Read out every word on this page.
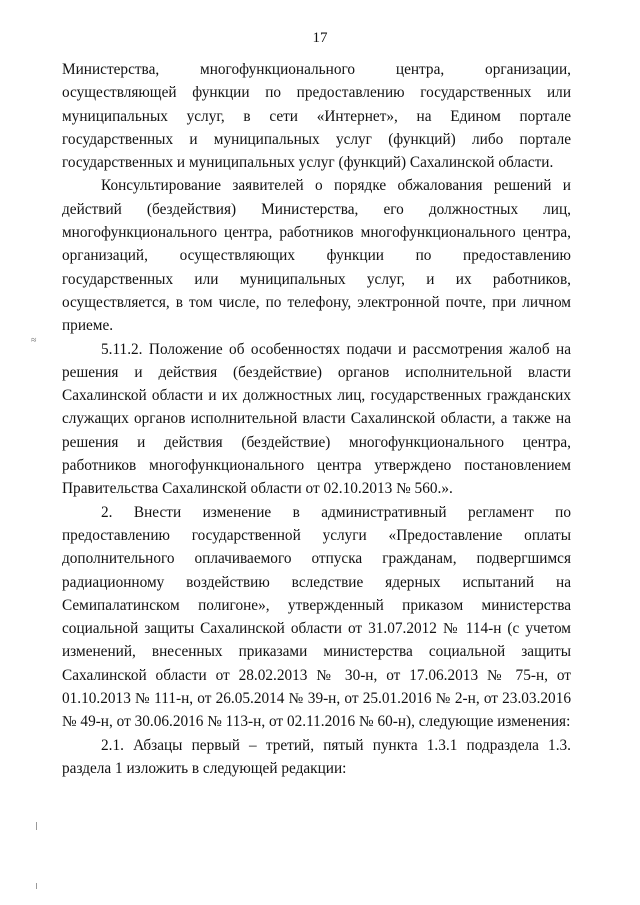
17
≈

Министерства, многофункционального центра, организации, осуществляющей функции по предоставлению государственных или муниципальных услуг, в сети «Интернет», на Едином портале государственных и муниципальных услуг (функций) либо портале государственных и муниципальных услуг (функций) Сахалинской области.

Консультирование заявителей о порядке обжалования решений и действий (бездействия) Министерства, его должностных лиц, многофункционального центра, работников многофункционального центра, организаций, осуществляющих функции по предоставлению государственных или муниципальных услуг, и их работников, осуществляется, в том числе, по телефону, электронной почте, при личном приеме.

5.11.2. Положение об особенностях подачи и рассмотрения жалоб на решения и действия (бездействие) органов исполнительной власти Сахалинской области и их должностных лиц, государственных гражданских служащих органов исполнительной власти Сахалинской области, а также на решения и действия (бездействие) многофункционального центра, работников многофункционального центра утверждено постановлением Правительства Сахалинской области от 02.10.2013 № 560.».

2. Внести изменение в административный регламент по предоставлению государственной услуги «Предоставление оплаты дополнительного оплачиваемого отпуска гражданам, подвергшимся радиационному воздействию вследствие ядерных испытаний на Семипалатинском полигоне», утвержденный приказом министерства социальной защиты Сахалинской области от 31.07.2012 № 114-н (с учетом изменений, внесенных приказами министерства социальной защиты Сахалинской области от 28.02.2013 № 30-н, от 17.06.2013 № 75-н, от 01.10.2013 № 111-н, от 26.05.2014 № 39-н, от 25.01.2016 № 2-н, от 23.03.2016 № 49-н, от 30.06.2016 № 113-н, от 02.11.2016 № 60-н), следующие изменения:

2.1. Абзацы первый – третий, пятый пункта 1.3.1 подраздела 1.3. раздела 1 изложить в следующей редакции:
